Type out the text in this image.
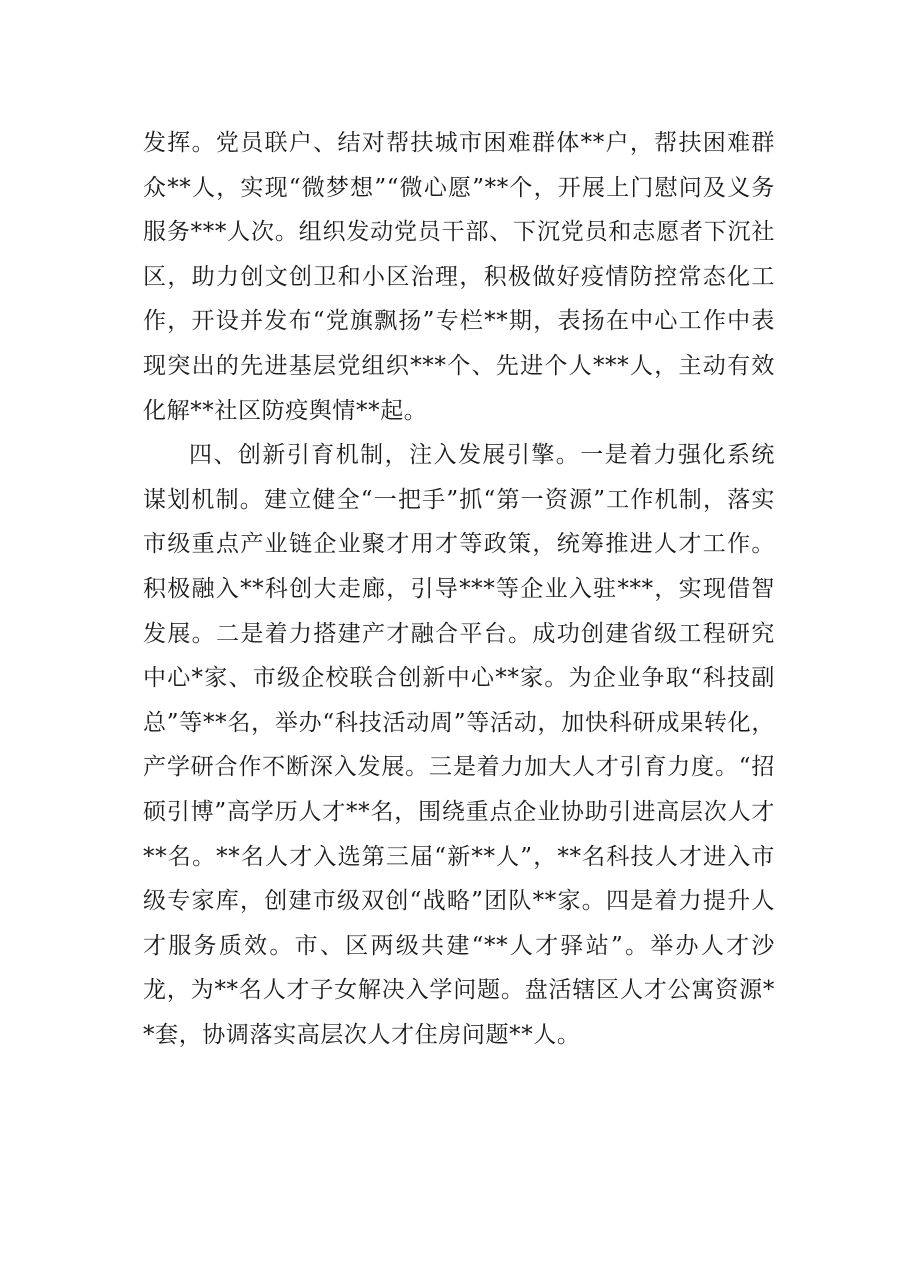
发挥。党员联户、结对帮扶城市困难群体**户，帮扶困难群众**人，实现“微梦想”“微心愿”**个，开展上门慰问及义务服务***人次。组织发动党员干部、下沉党员和志愿者下沉社区，助力创文创卫和小区治理，积极做好疫情防控常态化工作，开设并发布“党旗飘扬”专栏**期，表扬在中心工作中表现突出的先进基层党组织***个、先进个人***人，主动有效化解**社区防疫舆情**起。

四、创新引育机制，注入发展引擎。一是着力强化系统谋划机制。建立健全“一把手”抓“第一资源”工作机制，落实市级重点产业链企业聚才用才等政策，统筹推进人才工作。积极融入**科创大走廊，引导***等企业入驻***，实现借智发展。二是着力搭建产才融合平台。成功创建省级工程研究中心*家、市级企校联合创新中心**家。为企业争取“科技副总”等**名，举办“科技活动周”等活动，加快科研成果转化，产学研合作不断深入发展。三是着力加大人才引育力度。“招硕引博”高学历人才**名，围绕重点企业协助引进高层次人才**名。**名人才入选第三届“新**人”，**名科技人才进入市级专家库，创建市级双创“战略”团队**家。四是着力提升人才服务质效。市、区两级共建“**人才驿站”。举办人才沙龙，为**名人才子女解决入学问题。盘活辖区人才公寓资源**套，协调落实高层次人才住房问题**人。
